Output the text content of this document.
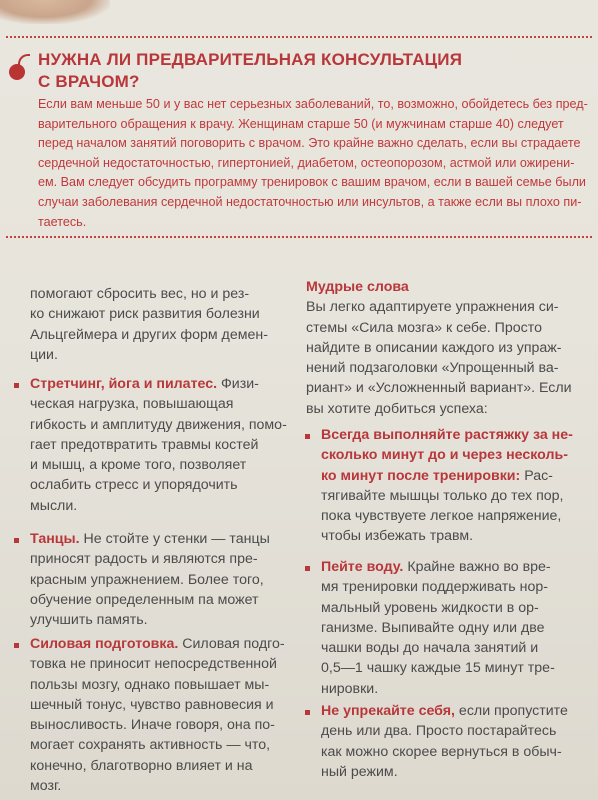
НУЖНА ЛИ ПРЕДВАРИТЕЛЬНАЯ КОНСУЛЬТАЦИЯ
С ВРАЧОМ?
Если вам меньше 50 и у вас нет серьезных заболеваний, то, возможно, обойдетесь без пред-
варительного обращения к врачу. Женщинам старше 50 (и мужчинам старше 40) следует
перед началом занятий поговорить с врачом. Это крайне важно сделать, если вы страдаете
сердечной недостаточностью, гипертонией, диабетом, остеопорозом, астмой или ожирени-
ем. Вам следует обсудить программу тренировок с вашим врачом, если в вашей семье были
случаи заболевания сердечной недостаточностью или инсультов, а также если вы плохо пи-
таетесь.
помогают сбросить вес, но и рез-
ко снижают риск развития болезни
Альцгеймера и других форм демен-
ции.
Стретчинг, йога и пилатес. Физи-
ческая нагрузка, повышающая
гибкость и амплитуду движения, помо-
гает предотвратить травмы костей
и мышц, а кроме того, позволяет
ослабить стресс и упорядочить
мысли.
Танцы. Не стойте у стенки — танцы
приносят радость и являются пре-
красным упражнением. Более того,
обучение определенным па может
улучшить память.
Силовая подготовка. Силовая подго-
товка не приносит непосредственной
пользы мозгу, однако повышает мы-
шечный тонус, чувство равновесия и
выносливость. Иначе говоря, она по-
могает сохранять активность — что,
конечно, благотворно влияет и на
мозг.
Мудрые слова
Вы легко адаптируете упражнения си-
стемы «Сила мозга» к себе. Просто
найдите в описании каждого из упраж-
нений подзаголовки «Упрощенный ва-
риант» и «Усложненный вариант». Если
вы хотите добиться успеха:
Всегда выполняйте растяжку за не-
сколько минут до и через несколь-
ко минут после тренировки: Рас-
тягивайте мышцы только до тех пор,
пока чувствуете легкое напряжение,
чтобы избежать травм.
Пейте воду. Крайне важно во вре-
мя тренировки поддерживать нор-
мальный уровень жидкости в ор-
ганизме. Выпивайте одну или две
чашки воды до начала занятий и
0,5—1 чашку каждые 15 минут трe-
нировки.
Не упрекайте себя, если пропустите
день или два. Просто постарайтесь
как можно скорее вернуться в обыч-
ный режим.
